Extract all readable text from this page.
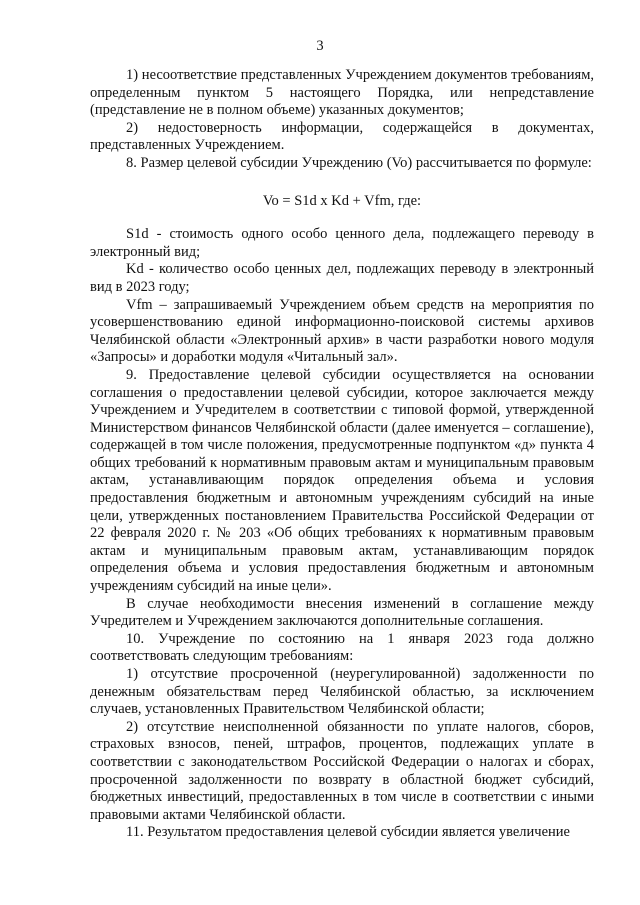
3

1) несоответствие представленных Учреждением документов требованиям, определенным пунктом 5 настоящего Порядка, или непредставление (представление не в полном объеме) указанных документов;

2) недостоверность информации, содержащейся в документах, представленных Учреждением.

8. Размер целевой субсидии Учреждению (Vo) рассчитывается по формуле:

Vo = S1d x Kd + Vfm, где:

S1d - стоимость одного особо ценного дела, подлежащего переводу в электронный вид;

Kd - количество особо ценных дел, подлежащих переводу в электронный вид в 2023 году;

Vfm – запрашиваемый Учреждением объем средств на мероприятия по усовершенствованию единой информационно-поисковой системы архивов Челябинской области «Электронный архив» в части разработки нового модуля «Запросы» и доработки модуля «Читальный зал».

9. Предоставление целевой субсидии осуществляется на основании соглашения о предоставлении целевой субсидии, которое заключается между Учреждением и Учредителем в соответствии с типовой формой, утвержденной Министерством финансов Челябинской области (далее именуется – соглашение), содержащей в том числе положения, предусмотренные подпунктом «д» пункта 4 общих требований к нормативным правовым актам и муниципальным правовым актам, устанавливающим порядок определения объема и условия предоставления бюджетным и автономным учреждениям субсидий на иные цели, утвержденных постановлением Правительства Российской Федерации от 22 февраля 2020 г. № 203 «Об общих требованиях к нормативным правовым актам и муниципальным правовым актам, устанавливающим порядок определения объема и условия предоставления бюджетным и автономным учреждениям субсидий на иные цели».

В случае необходимости внесения изменений в соглашение между Учредителем и Учреждением заключаются дополнительные соглашения.

10. Учреждение по состоянию на 1 января 2023 года должно соответствовать следующим требованиям:

1) отсутствие просроченной (неурегулированной) задолженности по денежным обязательствам перед Челябинской областью, за исключением случаев, установленных Правительством Челябинской области;

2) отсутствие неисполненной обязанности по уплате налогов, сборов, страховых взносов, пеней, штрафов, процентов, подлежащих уплате в соответствии с законодательством Российской Федерации о налогах и сборах, просроченной задолженности по возврату в областной бюджет субсидий, бюджетных инвестиций, предоставленных в том числе в соответствии с иными правовыми актами Челябинской области.

11. Результатом предоставления целевой субсидии является увеличение
